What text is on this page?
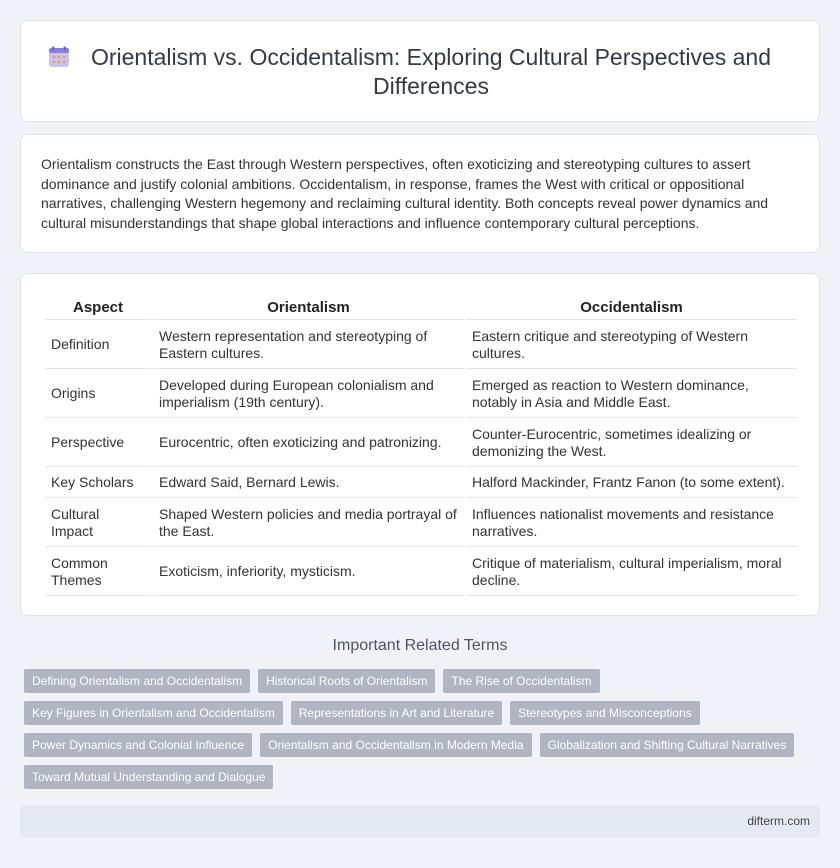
Orientalism vs. Occidentalism: Exploring Cultural Perspectives and Differences

Orientalism constructs the East through Western perspectives, often exoticizing and stereotyping cultures to assert dominance and justify colonial ambitions. Occidentalism, in response, frames the West with critical or oppositional narratives, challenging Western hegemony and reclaiming cultural identity. Both concepts reveal power dynamics and cultural misunderstandings that shape global interactions and influence contemporary cultural perceptions.

Aspect	Orientalism	Occidentalism
Definition	Western representation and stereotyping of Eastern cultures.	Eastern critique and stereotyping of Western cultures.
Origins	Developed during European colonialism and imperialism (19th century).	Emerged as reaction to Western dominance, notably in Asia and Middle East.
Perspective	Eurocentric, often exoticizing and patronizing.	Counter-Eurocentric, sometimes idealizing or demonizing the West.
Key Scholars	Edward Said, Bernard Lewis.	Halford Mackinder, Frantz Fanon (to some extent).
Cultural Impact	Shaped Western policies and media portrayal of the East.	Influences nationalist movements and resistance narratives.
Common Themes	Exoticism, inferiority, mysticism.	Critique of materialism, cultural imperialism, moral decline.
Important Related Terms
Defining Orientalism and Occidentalism	Historical Roots of Orientalism	The Rise of Occidentalism
Key Figures in Orientalism and Occidentalism	Representations in Art and Literature	Stereotypes and Misconceptions
Power Dynamics and Colonial Influence	Orientalism and Occidentalism in Modern Media	Globalization and Shifting Cultural Narratives
Toward Mutual Understanding and Dialogue
difterm.com
